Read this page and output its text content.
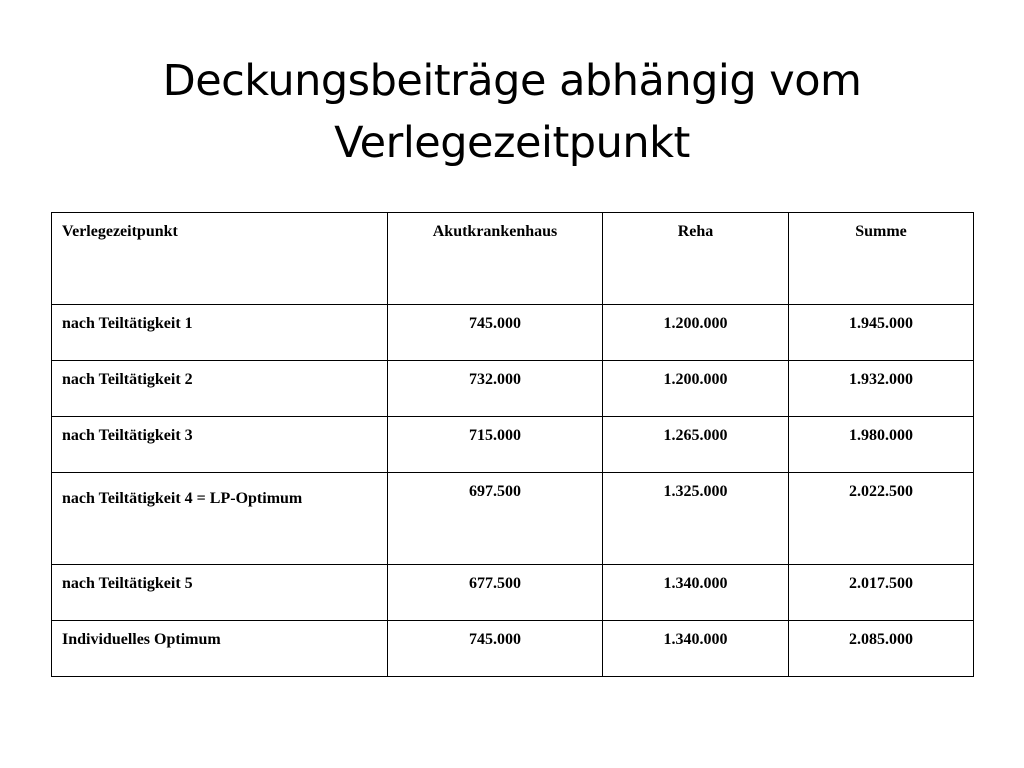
Deckungsbeiträge abhängig vom
Verlegezeitpunkt
Verlegezeitpunkt	Akutkrankenhaus	Reha	Summe
nach Teiltätigkeit 1	745.000	1.200.000	1.945.000
nach Teiltätigkeit 2	732.000	1.200.000	1.932.000
nach Teiltätigkeit 3	715.000	1.265.000	1.980.000
nach Teiltätigkeit 4 = LP-Optimum	697.500	1.325.000	2.022.500
nach Teiltätigkeit 5	677.500	1.340.000	2.017.500
Individuelles Optimum	745.000	1.340.000	2.085.000
